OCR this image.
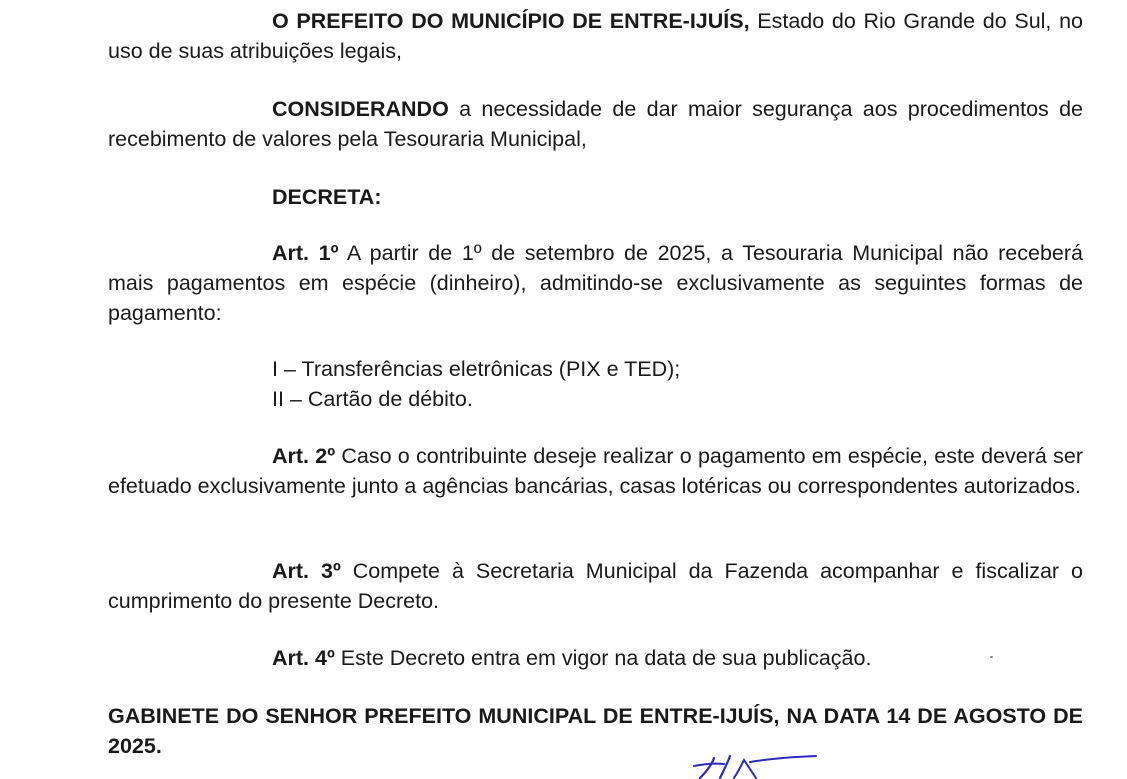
O PREFEITO DO MUNICÍPIO DE ENTRE-IJUÍS, Estado do Rio Grande do Sul, no uso de suas atribuições legais,

CONSIDERANDO a necessidade de dar maior segurança aos procedimentos de recebimento de valores pela Tesouraria Municipal,

DECRETA:

Art. 1º A partir de 1º de setembro de 2025, a Tesouraria Municipal não receberá mais pagamentos em espécie (dinheiro), admitindo-se exclusivamente as seguintes formas de pagamento:

I – Transferências eletrônicas (PIX e TED);
II – Cartão de débito.

Art. 2º Caso o contribuinte deseje realizar o pagamento em espécie, este deverá ser efetuado exclusivamente junto a agências bancárias, casas lotéricas ou correspondentes autorizados.

Art. 3º Compete à Secretaria Municipal da Fazenda acompanhar e fiscalizar o cumprimento do presente Decreto.

Art. 4º Este Decreto entra em vigor na data de sua publicação.

GABINETE DO SENHOR PREFEITO MUNICIPAL DE ENTRE-IJUÍS, NA DATA 14 DE AGOSTO DE 2025.
